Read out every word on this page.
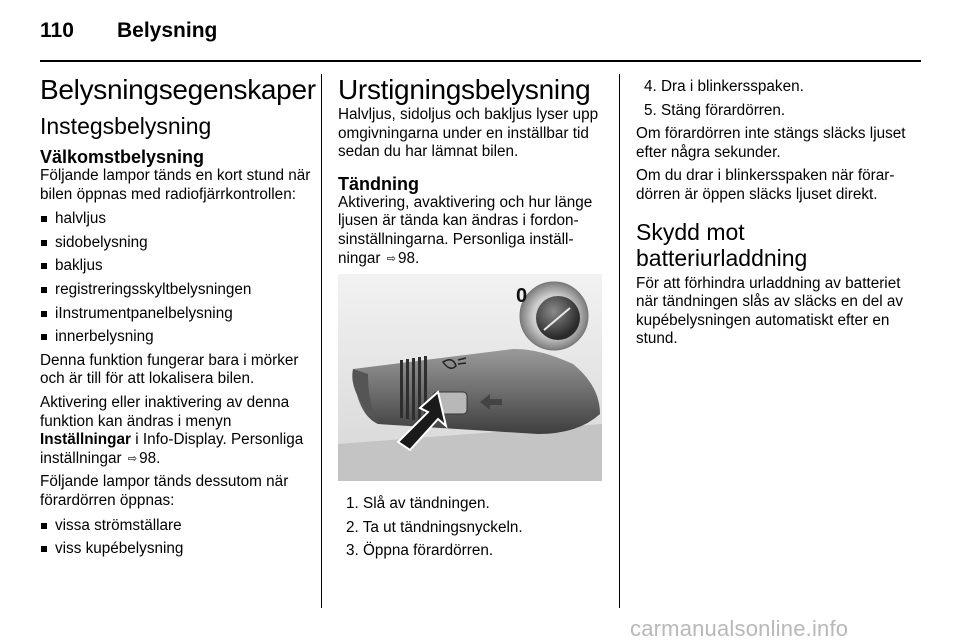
110 Belysning
Belysningsegenskaper
Instegsbelysning
Välkomstbelysning

Följande lampor tänds en kort stund när bilen öppnas med radiofjärrkontrollen:

halvljus
sidobelysning
bakljus
registreringsskyltbelysningen
iInstrumentpanelbelysning
innerbelysning

Denna funktion fungerar bara i mörker och är till för att lokalisera bilen.

Aktivering eller inaktivering av denna funktion kan ändras i menyn Inställningar i Info-Display. Personliga inställningar ⇨ 98.

Följande lampor tänds dessutom när förardörren öppnas:

vissa strömställare
viss kupébelysning
Urstigningsbelysning

Halvljus, sidoljus och bakljus lyser upp omgivningarna under en inställbar tid sedan du har lämnat bilen.

Tändning

Aktivering, avaktivering och hur länge ljusen är tända kan ändras i fordonsinställningarna. Personliga inställningar ⇨ 98.

0
1. Slå av tändningen.
2. Ta ut tändningsnyckeln.
3. Öppna förardörren.
4. Dra i blinkersspaken.
5. Stäng förardörren.

Om förardörren inte stängs släcks ljuset efter några sekunder.

Om du drar i blinkersspaken när förardörren är öppen släcks ljuset direkt.

Skydd mot
batteriurladdning

För att förhindra urladdning av batteriet när tändningen slås av släcks en del av kupébelysningen automatiskt efter en stund.

carmanualsonline.info
